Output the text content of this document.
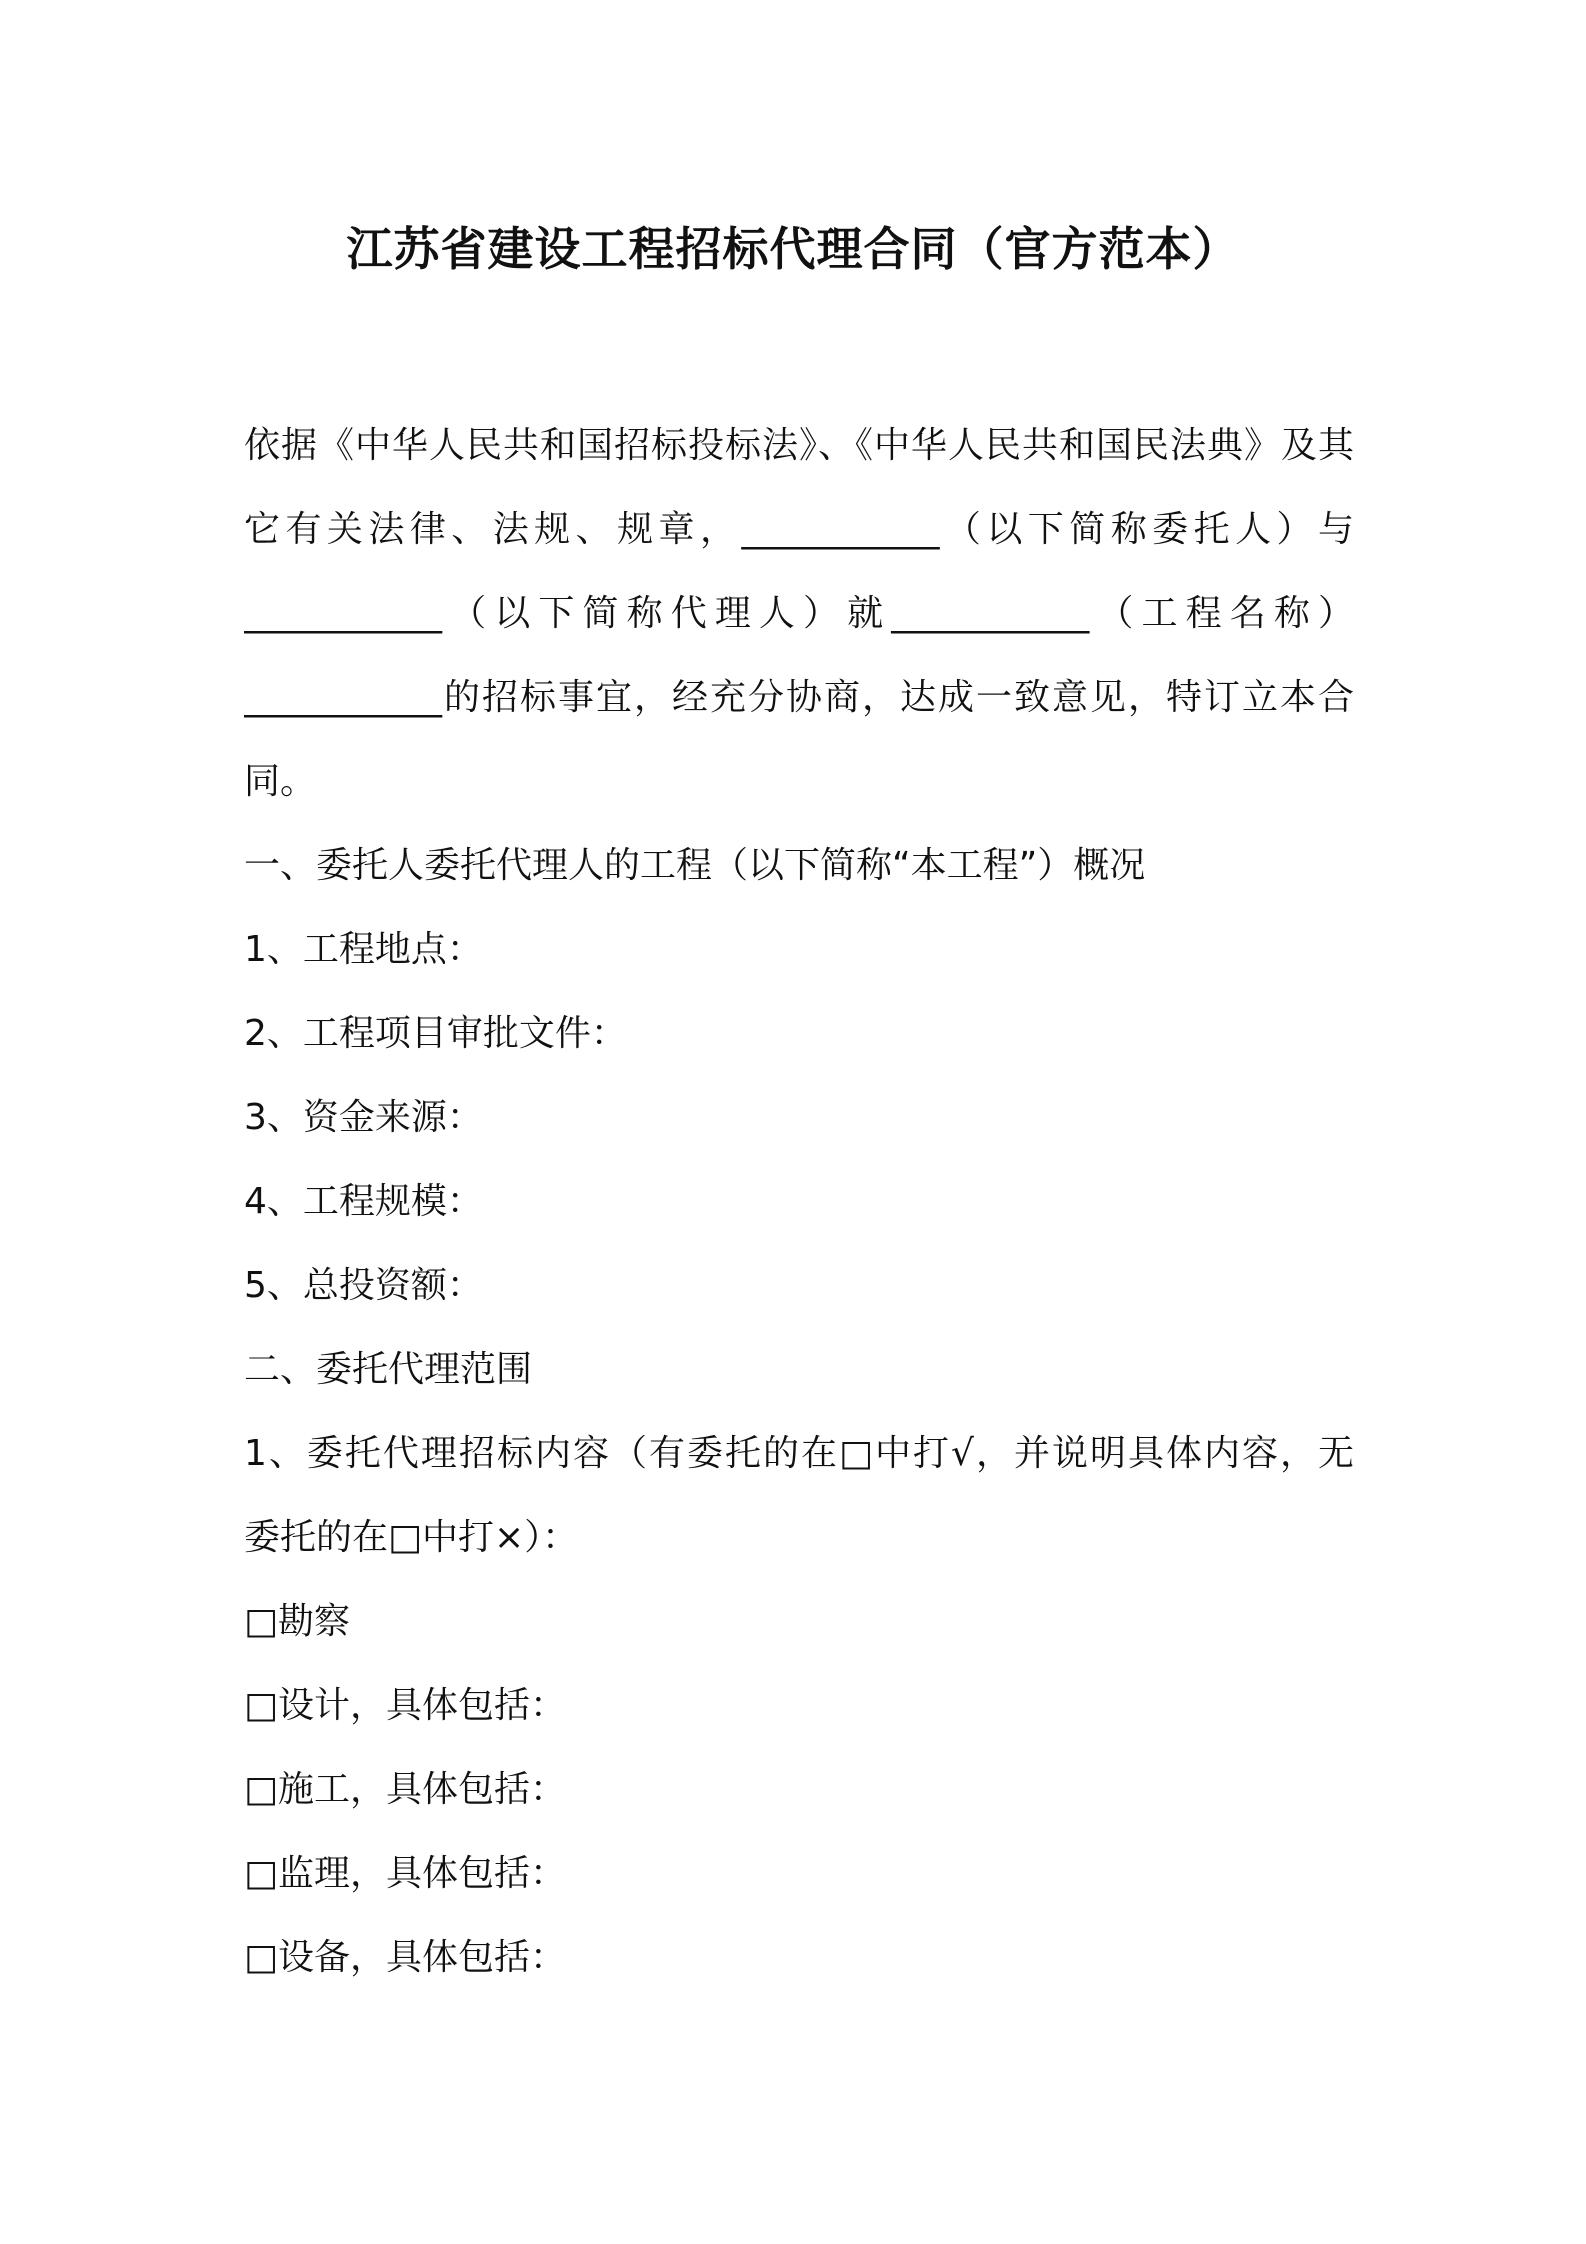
江苏省建设工程招标代理合同（官方范本）
依据《中华人民共和国招标投标法》、《中华人民共和国民法典》及其
它有关法律、法规、规章，___________（以下简称委托人）与
___________（以下简称代理人）就___________（工程名称）
___________的招标事宜，经充分协商，达成一致意见，特订立本合
同。
一、委托人委托代理人的工程（以下简称“本工程”）概况
1、工程地点：
2、工程项目审批文件：
3、资金来源：
4、工程规模：
5、总投资额：
二、委托代理范围
1、委托代理招标内容（有委托的在□中打√，并说明具体内容，无
委托的在□中打×）：
□勘察
□设计，具体包括：
□施工，具体包括：
□监理，具体包括：
□设备，具体包括：
